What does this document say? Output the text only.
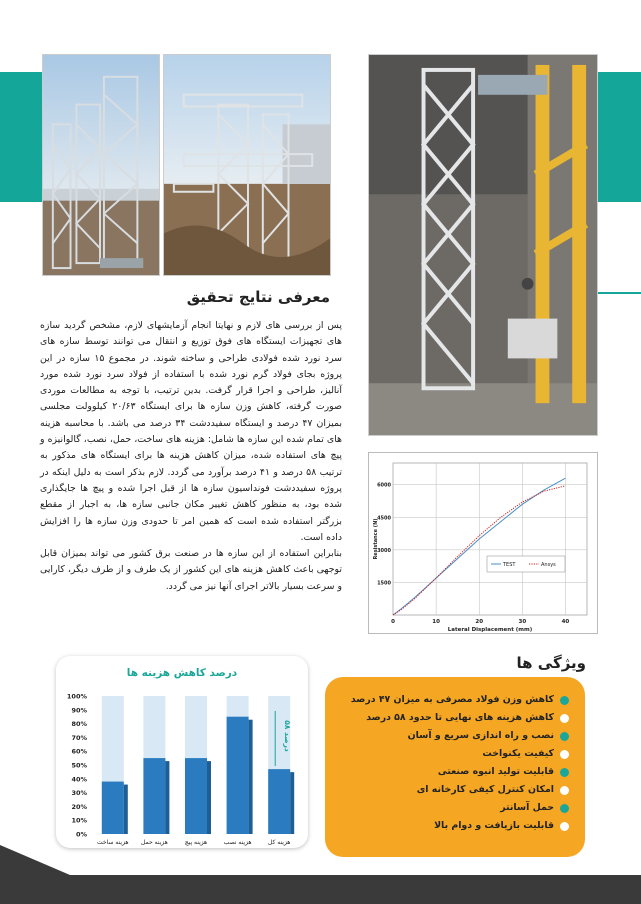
معرفی نتایج تحقیق

پس از بررسی های لازم و نهایتا انجام آزمایشهای لازم، مشخص گردید سازه های تجهیزات ایستگاه های فوق توزیع و انتقال می توانند توسط سازه های سرد نورد شده فولادی طراحی و ساخته شوند. در مجموع ۱۵ سازه در این پروژه بجای فولاد گرم نورد شده با استفاده از فولاد سرد نورد شده مورد آنالیز، طراحی و اجرا قرار گرفت. بدین ترتیب، با توجه به مطالعات موردی صورت گرفته، کاهش وزن سازه ها برای ایستگاه ۲۰/۶۳ کیلوولت مجلسی بمیزان ۴۷ درصد و ایستگاه سفیددشت ۳۴ درصد می باشد. با محاسبه هزینه های تمام شده این سازه ها شامل: هزینه های ساخت، حمل، نصب، گالوانیزه و پیچ های استفاده شده، میزان کاهش هزینه ها برای ایستگاه های مذکور به ترتیب ۵۸ درصد و ۴۱ درصد برآورد می گردد. لازم بذکر است به دلیل اینکه در پروژه سفیددشت فونداسیون سازه ها از قبل اجرا شده و پیچ ها جایگذاری شده بود، به منظور کاهش تغییر مکان جانبی سازه ها، به اجبار از مقطع بزرگتر استفاده شده است که همین امر تا حدودی وزن سازه ها را افزایش داده است.

بنابراین استفاده از این سازه ها در صنعت برق کشور می تواند بمیزان قابل توجهی باعث کاهش هزینه های این کشور از یک طرف و از طرف دیگر، کارایی و سرعت بسیار بالاتر اجرای آنها نیز می گردد.	1500
3000
4500
6000
0	10	20	30	40
Lateral Displacement (mm)
Resistance (N)
TEST	Ansys
درصد کاهش هزینه ها
0%
10%
20%
30%
40%
50%
60%
70%
80%
90%
100%
هزینه ساخت هزینه حمل	هزینه پیچ	هزینه نصب	هزینه کل
۵۸ درصد
کاهش وزن فولاد مصرفی به میزان ۴۷ درصد
کاهش هزینه های نهایی تا حدود ۵۸ درصد
نصب و راه اندازی سریع و آسان
کیفیت یکنواخت
قابلیت تولید انبوه صنعتی
امکان کنترل کیفی کارخانه ای
حمل آسانتر
قابلیت بازیافت و دوام بالا
ویژگی ها
